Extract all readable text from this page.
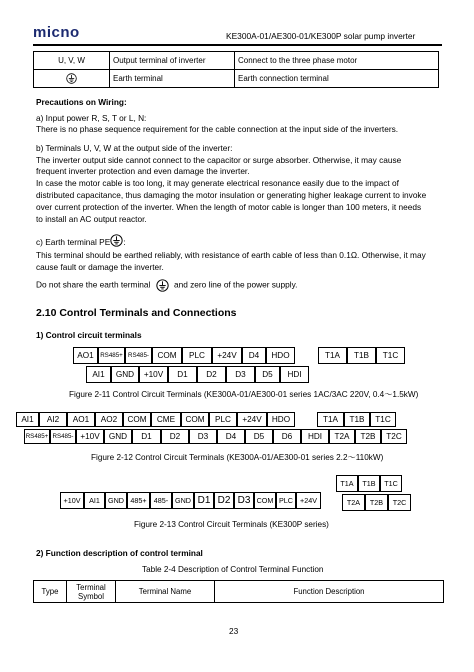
micno	KE300A-01/AE300-01/KE300P solar pump inverter
U, V, W	Output terminal of inverter	Connect to the three phase motor
	Earth terminal	Earth connection terminal
Precautions on Wiring:
a) Input power R, S, T or L, N:
There is no phase sequence requirement for the cable connection at the input side of the inverters.
b) Terminals U, V, W at the output side of the inverter:
The inverter output side cannot connect to the capacitor or surge absorber. Otherwise, it may cause
frequent inverter protection and even damage the inverter.
In case the motor cable is too long, it may generate electrical resonance easily due to the impact of
distributed capacitance, thus damaging the motor insulation or generating higher leakage current to invoke
over current protection of the inverter. When the length of motor cable is longer than 100 meters, it needs
to install an AC output reactor.
c) Earth terminal PE :
This terminal should be earthed reliably, with resistance of earth cable of less than 0.1Ω. Otherwise, it may
cause fault or damage the inverter.
Do not share the earth terminal	and zero line of the power supply.
2.10 Control Terminals and Connections
1) Control circuit terminals
AO1	RS485+ RS485-	COM	PLC	+24V	D4	HDO
AI1	GND	+10V	D1	D2	D3	D5	HDI
T1A	T1B	T1C
Figure 2-11 Control Circuit Terminals (KE300A-01/AE300-01 series 1AC/3AC 220V, 0.4～1.5kW)
AI1	AI2	AO1	AO2	COM	CME	COM	PLC	+24V	HDO
RS485+ RS485- +10V	GND	D1	D2	D3	D4	D5	D6	HDI
T1A	T1B	T1C
T2A	T2B	T2C
Figure 2-12 Control Circuit Terminals (KE300A-01/AE300-01 series 2.2～110kW)
+10V	AI1	GND 485+	485- GND D1 D2 D3 COM PLC +24V
T1A	T1B	T1C
T2A	T2B	T2C
Figure 2-13 Control Circuit Terminals (KE300P series)
2) Function description of control terminal
Table 2-4 Description of Control Terminal Function
Type	Terminal Symbol	Terminal Name	Function Description
23
